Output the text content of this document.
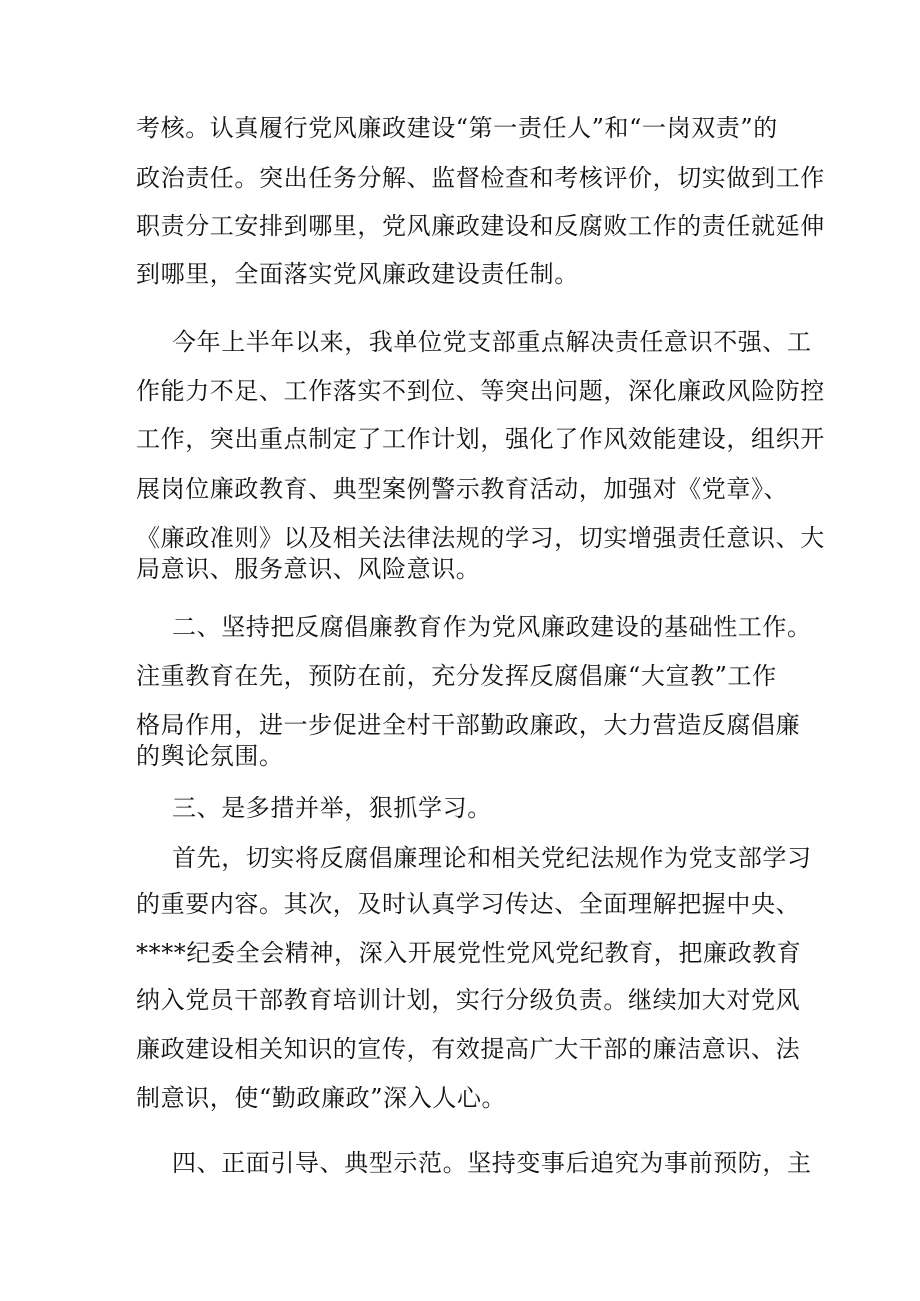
考核。认真履行党风廉政建设“第一责任人”和“一岗双责”的
政治责任。突出任务分解、监督检查和考核评价，切实做到工作
职责分工安排到哪里，党风廉政建设和反腐败工作的责任就延伸
到哪里，全面落实党风廉政建设责任制。
今年上半年以来，我单位党支部重点解决责任意识不强、工
作能力不足、工作落实不到位、等突出问题，深化廉政风险防控
工作，突出重点制定了工作计划，强化了作风效能建设，组织开
展岗位廉政教育、典型案例警示教育活动，加强对《党章》、
《廉政准则》以及相关法律法规的学习，切实增强责任意识、大
局意识、服务意识、风险意识。
二、坚持把反腐倡廉教育作为党风廉政建设的基础性工作。
注重教育在先，预防在前，充分发挥反腐倡廉“大宣教”工作
格局作用，进一步促进全村干部勤政廉政，大力营造反腐倡廉
的舆论氛围。
三、是多措并举，狠抓学习。
首先，切实将反腐倡廉理论和相关党纪法规作为党支部学习
的重要内容。其次，及时认真学习传达、全面理解把握中央、
****纪委全会精神，深入开展党性党风党纪教育，把廉政教育
纳入党员干部教育培训计划，实行分级负责。继续加大对党风
廉政建设相关知识的宣传，有效提高广大干部的廉洁意识、法
制意识，使“勤政廉政”深入人心。
四、正面引导、典型示范。坚持变事后追究为事前预防，主
